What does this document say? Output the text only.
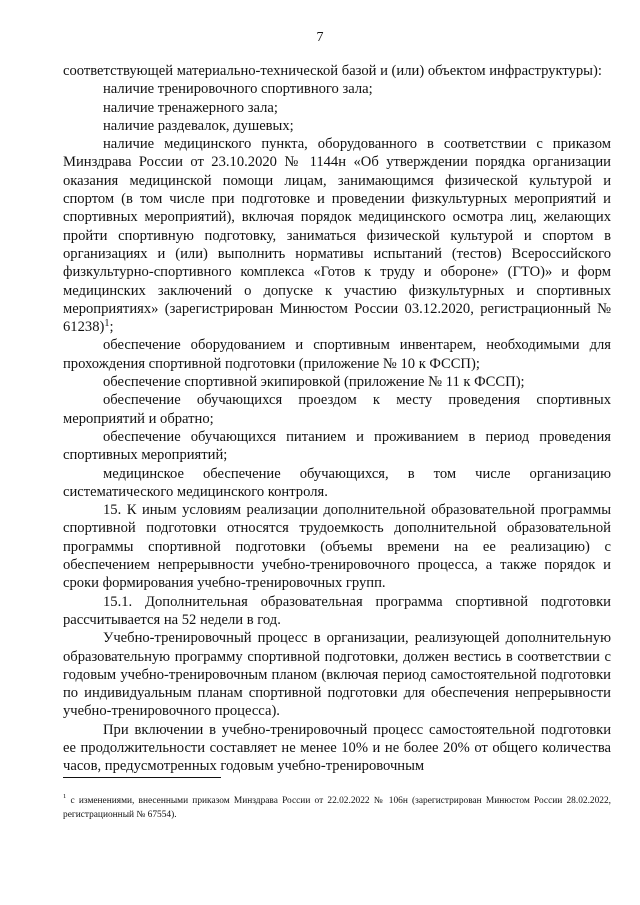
7

соответствующей материально-технической базой и (или) объектом инфраструктуры):

наличие тренировочного спортивного зала;

наличие тренажерного зала;

наличие раздевалок, душевых;

наличие медицинского пункта, оборудованного в соответствии с приказом Минздрава России от 23.10.2020 № 1144н «Об утверждении порядка организации оказания медицинской помощи лицам, занимающимся физической культурой и спортом (в том числе при подготовке и проведении физкультурных мероприятий и спортивных мероприятий), включая порядок медицинского осмотра лиц, желающих пройти спортивную подготовку, заниматься физической культурой и спортом в организациях и (или) выполнить нормативы испытаний (тестов) Всероссийского физкультурно-спортивного комплекса «Готов к труду и обороне» (ГТО)» и форм медицинских заключений о допуске к участию физкультурных и спортивных мероприятиях» (зарегистрирован Минюстом России 03.12.2020, регистрационный № 61238)$^1$;

обеспечение оборудованием и спортивным инвентарем, необходимыми для прохождения спортивной подготовки (приложение № 10 к ФССП);

обеспечение спортивной экипировкой (приложение № 11 к ФССП);

обеспечение обучающихся проездом к месту проведения спортивных мероприятий и обратно;

обеспечение обучающихся питанием и проживанием в период проведения спортивных мероприятий;

медицинское обеспечение обучающихся, в том числе организацию систематического медицинского контроля.

15. К иным условиям реализации дополнительной образовательной программы спортивной подготовки относятся трудоемкость дополнительной образовательной программы спортивной подготовки (объемы времени на ее реализацию) с обеспечением непрерывности учебно-тренировочного процесса, а также порядок и сроки формирования учебно-тренировочных групп.

15.1. Дополнительная образовательная программа спортивной подготовки рассчитывается на 52 недели в год.

Учебно-тренировочный процесс в организации, реализующей дополнительную образовательную программу спортивной подготовки, должен вестись в соответствии с годовым учебно-тренировочным планом (включая период самостоятельной подготовки по индивидуальным планам спортивной подготовки для обеспечения непрерывности учебно-тренировочного процесса).

При включении в учебно-тренировочный процесс самостоятельной подготовки ее продолжительности составляет не менее 10% и не более 20% от общего количества часов, предусмотренных годовым учебно-тренировочным

$^1$ с изменениями, внесенными приказом Минздрава России от 22.02.2022 № 106н (зарегистрирован Минюстом России 28.02.2022, регистрационный № 67554).
